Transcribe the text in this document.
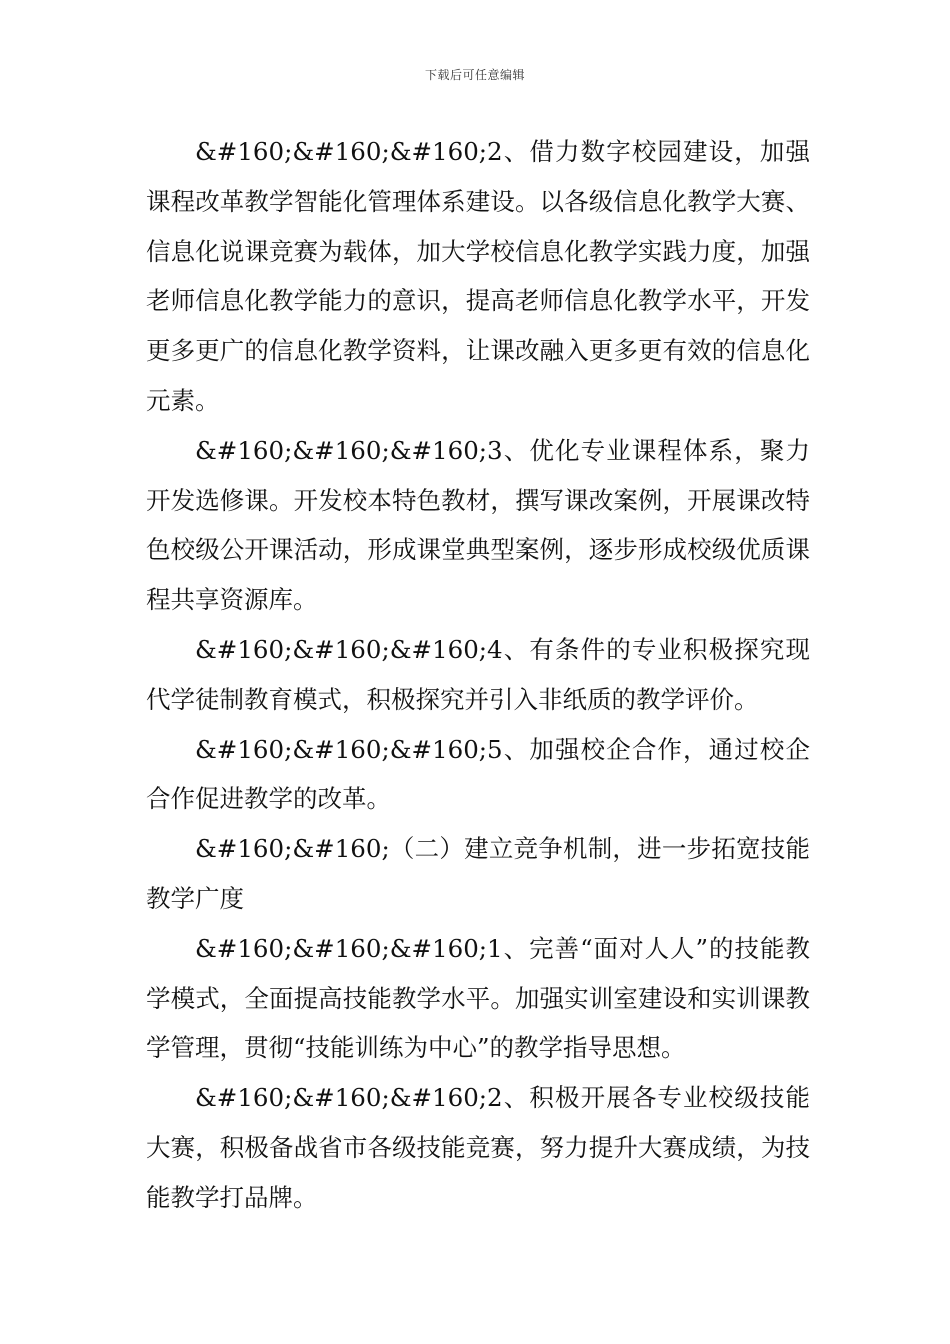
下载后可任意编辑

&#160;&#160;&#160;2、借力数字校园建设，加强课程改革教学智能化管理体系建设。以各级信息化教学大赛、信息化说课竞赛为载体，加大学校信息化教学实践力度，加强老师信息化教学能力的意识，提高老师信息化教学水平，开发更多更广的信息化教学资料，让课改融入更多更有效的信息化元素。

&#160;&#160;&#160;3、优化专业课程体系，聚力开发选修课。开发校本特色教材，撰写课改案例，开展课改特色校级公开课活动，形成课堂典型案例，逐步形成校级优质课程共享资源库。

&#160;&#160;&#160;4、有条件的专业积极探究现代学徒制教育模式，积极探究并引入非纸质的教学评价。

&#160;&#160;&#160;5、加强校企合作，通过校企合作促进教学的改革。

&#160;&#160;（二）建立竞争机制，进一步拓宽技能教学广度

&#160;&#160;&#160;1、完善“面对人人”的技能教学模式，全面提高技能教学水平。加强实训室建设和实训课教学管理，贯彻“技能训练为中心”的教学指导思想。

&#160;&#160;&#160;2、积极开展各专业校级技能大赛，积极备战省市各级技能竞赛，努力提升大赛成绩，为技能教学打品牌。
